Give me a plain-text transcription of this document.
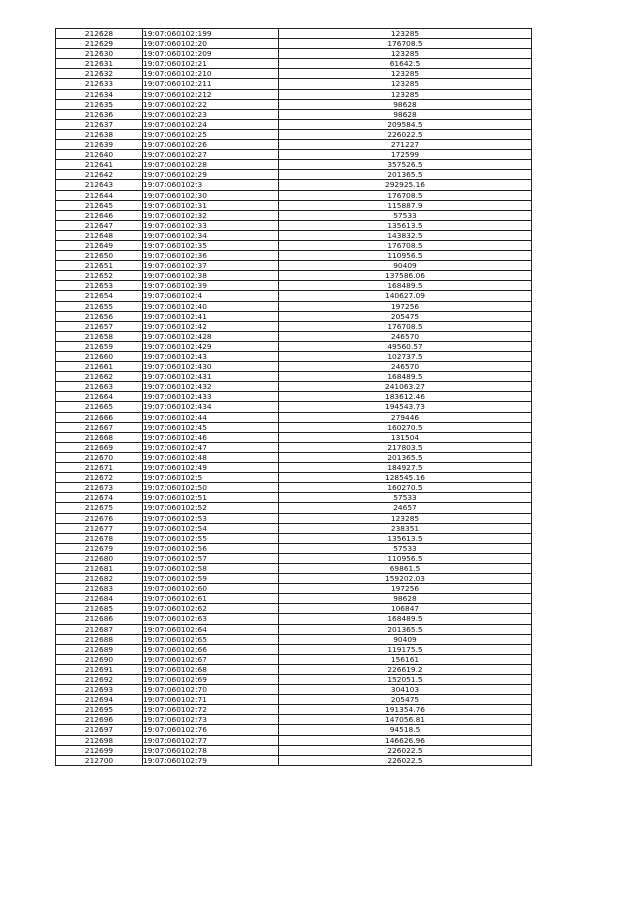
212628	19:07:060102:199	123285
212629	19:07:060102:20	176708.5
212630	19:07:060102:209	123285
212631	19:07:060102:21	61642.5
212632	19:07:060102:210	123285
212633	19:07:060102:211	123285
212634	19:07:060102:212	123285
212635	19:07:060102:22	98628
212636	19:07:060102:23	98628
212637	19:07:060102:24	209584.5
212638	19:07:060102:25	226022.5
212639	19:07:060102:26	271227
212640	19:07:060102:27	172599
212641	19:07:060102:28	357526.5
212642	19:07:060102:29	201365.5
212643	19:07:060102:3	292925.16
212644	19:07:060102:30	176708.5
212645	19:07:060102:31	115887.9
212646	19:07:060102:32	57533
212647	19:07:060102:33	135613.5
212648	19:07:060102:34	143832.5
212649	19:07:060102:35	176708.5
212650	19:07:060102:36	110956.5
212651	19:07:060102:37	90409
212652	19:07:060102:38	137586.06
212653	19:07:060102:39	168489.5
212654	19:07:060102:4	140627.09
212655	19:07:060102:40	197256
212656	19:07:060102:41	205475
212657	19:07:060102:42	176708.5
212658	19:07:060102:428	246570
212659	19:07:060102:429	49560.57
212660	19:07:060102:43	102737.5
212661	19:07:060102:430	246570
212662	19:07:060102:431	168489.5
212663	19:07:060102:432	241063.27
212664	19:07:060102:433	183612.46
212665	19:07:060102:434	194543.73
212666	19:07:060102:44	279446
212667	19:07:060102:45	160270.5
212668	19:07:060102:46	131504
212669	19:07:060102:47	217803.5
212670	19:07:060102:48	201365.5
212671	19:07:060102:49	184927.5
212672	19:07:060102:5	128545.16
212673	19:07:060102:50	160270.5
212674	19:07:060102:51	57533
212675	19:07:060102:52	24657
212676	19:07:060102:53	123285
212677	19:07:060102:54	238351
212678	19:07:060102:55	135613.5
212679	19:07:060102:56	57533
212680	19:07:060102:57	110956.5
212681	19:07:060102:58	69861.5
212682	19:07:060102:59	159202.03
212683	19:07:060102:60	197256
212684	19:07:060102:61	98628
212685	19:07:060102:62	106847
212686	19:07:060102:63	168489.5
212687	19:07:060102:64	201365.5
212688	19:07:060102:65	90409
212689	19:07:060102:66	119175.5
212690	19:07:060102:67	156161
212691	19:07:060102:68	226619.2
212692	19:07:060102:69	152051.5
212693	19:07:060102:70	304103
212694	19:07:060102:71	205475
212695	19:07:060102:72	191354.76
212696	19:07:060102:73	147056.81
212697	19:07:060102:76	94518.5
212698	19:07:060102:77	146626.96
212699	19:07:060102:78	226022.5
212700	19:07:060102:79	226022.5
